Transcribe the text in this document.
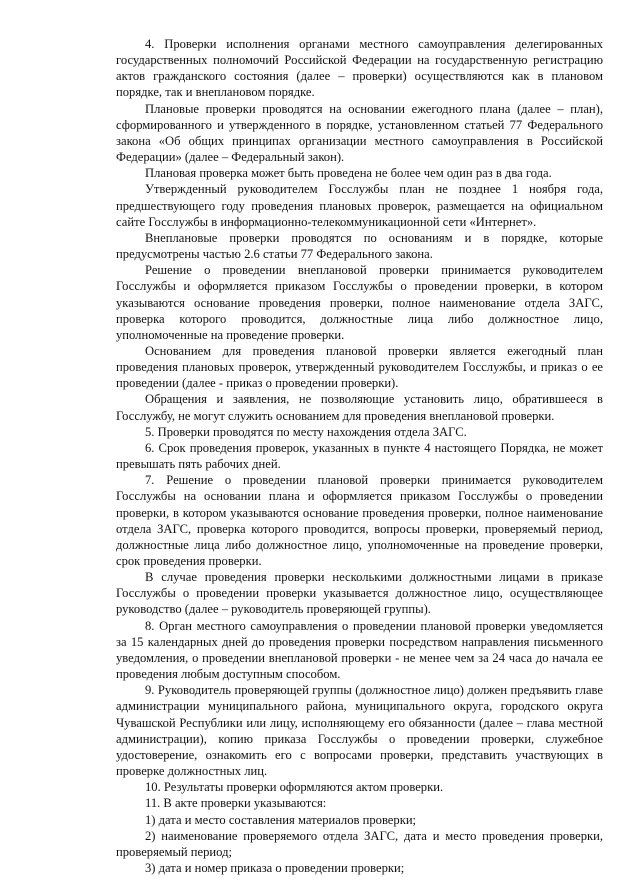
4. Проверки исполнения органами местного самоуправления делегированных государственных полномочий Российской Федерации на государственную регистрацию актов гражданского состояния (далее – проверки) осуществляются как в плановом порядке, так и внеплановом порядке.

Плановые проверки проводятся на основании ежегодного плана (далее – план), сформированного и утвержденного в порядке, установленном статьей 77 Федерального закона «Об общих принципах организации местного самоуправления в Российской Федерации» (далее – Федеральный закон).

Плановая проверка может быть проведена не более чем один раз в два года.

Утвержденный руководителем Госслужбы план не позднее 1 ноября года, предшествующего году проведения плановых проверок, размещается на официальном сайте Госслужбы в информационно-телекоммуникационной сети «Интернет».

Внеплановые проверки проводятся по основаниям и в порядке, которые предусмотрены частью 2.6 статьи 77 Федерального закона.

Решение о проведении внеплановой проверки принимается руководителем Госслужбы и оформляется приказом Госслужбы о проведении проверки, в котором указываются основание проведения проверки, полное наименование отдела ЗАГС, проверка которого проводится, должностные лица либо должностное лицо, уполномоченные на проведение проверки.

Основанием для проведения плановой проверки является ежегодный план проведения плановых проверок, утвержденный руководителем Госслужбы, и приказ о ее проведении (далее - приказ о проведении проверки).

Обращения и заявления, не позволяющие установить лицо, обратившееся в Госслужбу, не могут служить основанием для проведения внеплановой проверки.

5. Проверки проводятся по месту нахождения отдела ЗАГС.

6. Срок проведения проверок, указанных в пункте 4 настоящего Порядка, не может превышать пять рабочих дней.

7. Решение о проведении плановой проверки принимается руководителем Госслужбы на основании плана и оформляется приказом Госслужбы о проведении проверки, в котором указываются основание проведения проверки, полное наименование отдела ЗАГС, проверка которого проводится, вопросы проверки, проверяемый период, должностные лица либо должностное лицо, уполномоченные на проведение проверки, срок проведения проверки.

В случае проведения проверки несколькими должностными лицами в приказе Госслужбы о проведении проверки указывается должностное лицо, осуществляющее руководство (далее – руководитель проверяющей группы).

8. Орган местного самоуправления о проведении плановой проверки уведомляется за 15 календарных дней до проведения проверки посредством направления письменного уведомления, о проведении внеплановой проверки - не менее чем за 24 часа до начала ее проведения любым доступным способом.

9. Руководитель проверяющей группы (должностное лицо) должен предъявить главе администрации муниципального района, муниципального округа, городского округа Чувашской Республики или лицу, исполняющему его обязанности (далее – глава местной администрации), копию приказа Госслужбы о проведении проверки, служебное удостоверение, ознакомить его с вопросами проверки, представить участвующих в проверке должностных лиц.

10. Результаты проверки оформляются актом проверки.

11. В акте проверки указываются:

1) дата и место составления материалов проверки;

2) наименование проверяемого отдела ЗАГС, дата и место проведения проверки, проверяемый период;

3) дата и номер приказа о проведении проверки;
